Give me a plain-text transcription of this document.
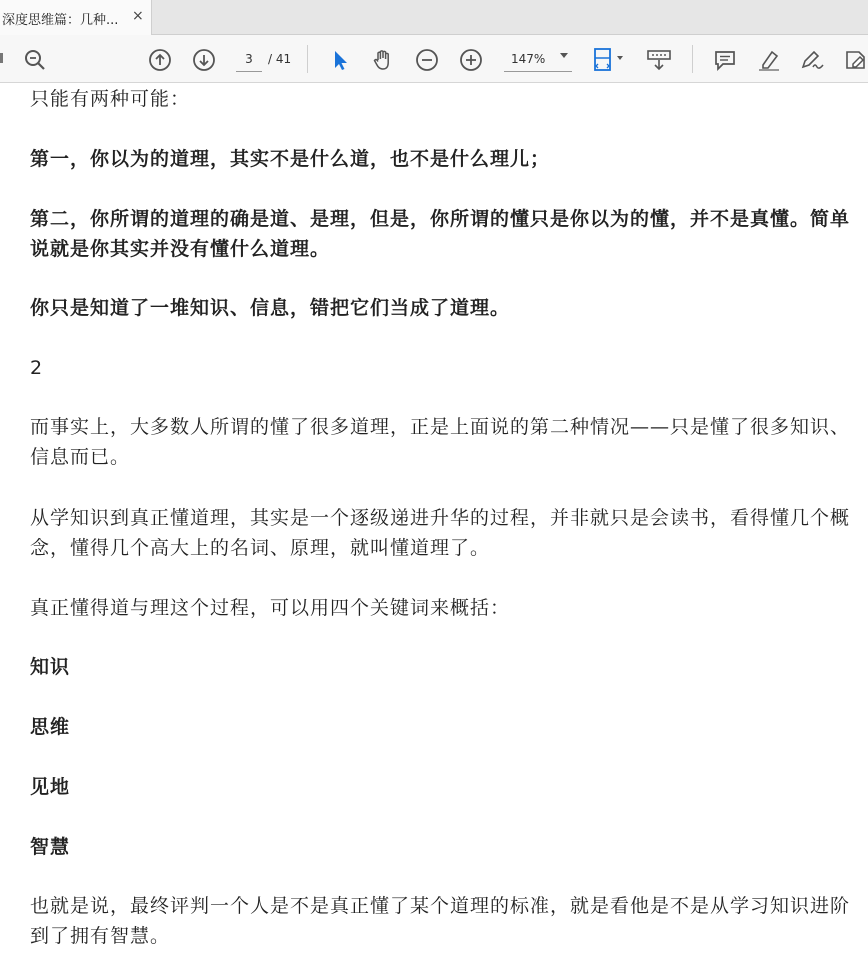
深度思维篇：几种... ×
3
/ 41	147%
只能有两种可能：
第一，你以为的道理，其实不是什么道，也不是什么理儿；
第二，你所谓的道理的确是道、是理，但是，你所谓的懂只是你以为的懂，并不是真懂。简单说就是你其实并没有懂什么道理。
你只是知道了一堆知识、信息，错把它们当成了道理。
2
而事实上，大多数人所谓的懂了很多道理，正是上面说的第二种情况——只是懂了很多知识、信息而已。
从学知识到真正懂道理，其实是一个逐级递进升华的过程，并非就只是会读书，看得懂几个概念，懂得几个高大上的名词、原理，就叫懂道理了。
真正懂得道与理这个过程，可以用四个关键词来概括：
知识
思维
见地
智慧
也就是说，最终评判一个人是不是真正懂了某个道理的标准，就是看他是不是从学习知识进阶到了拥有智慧。
